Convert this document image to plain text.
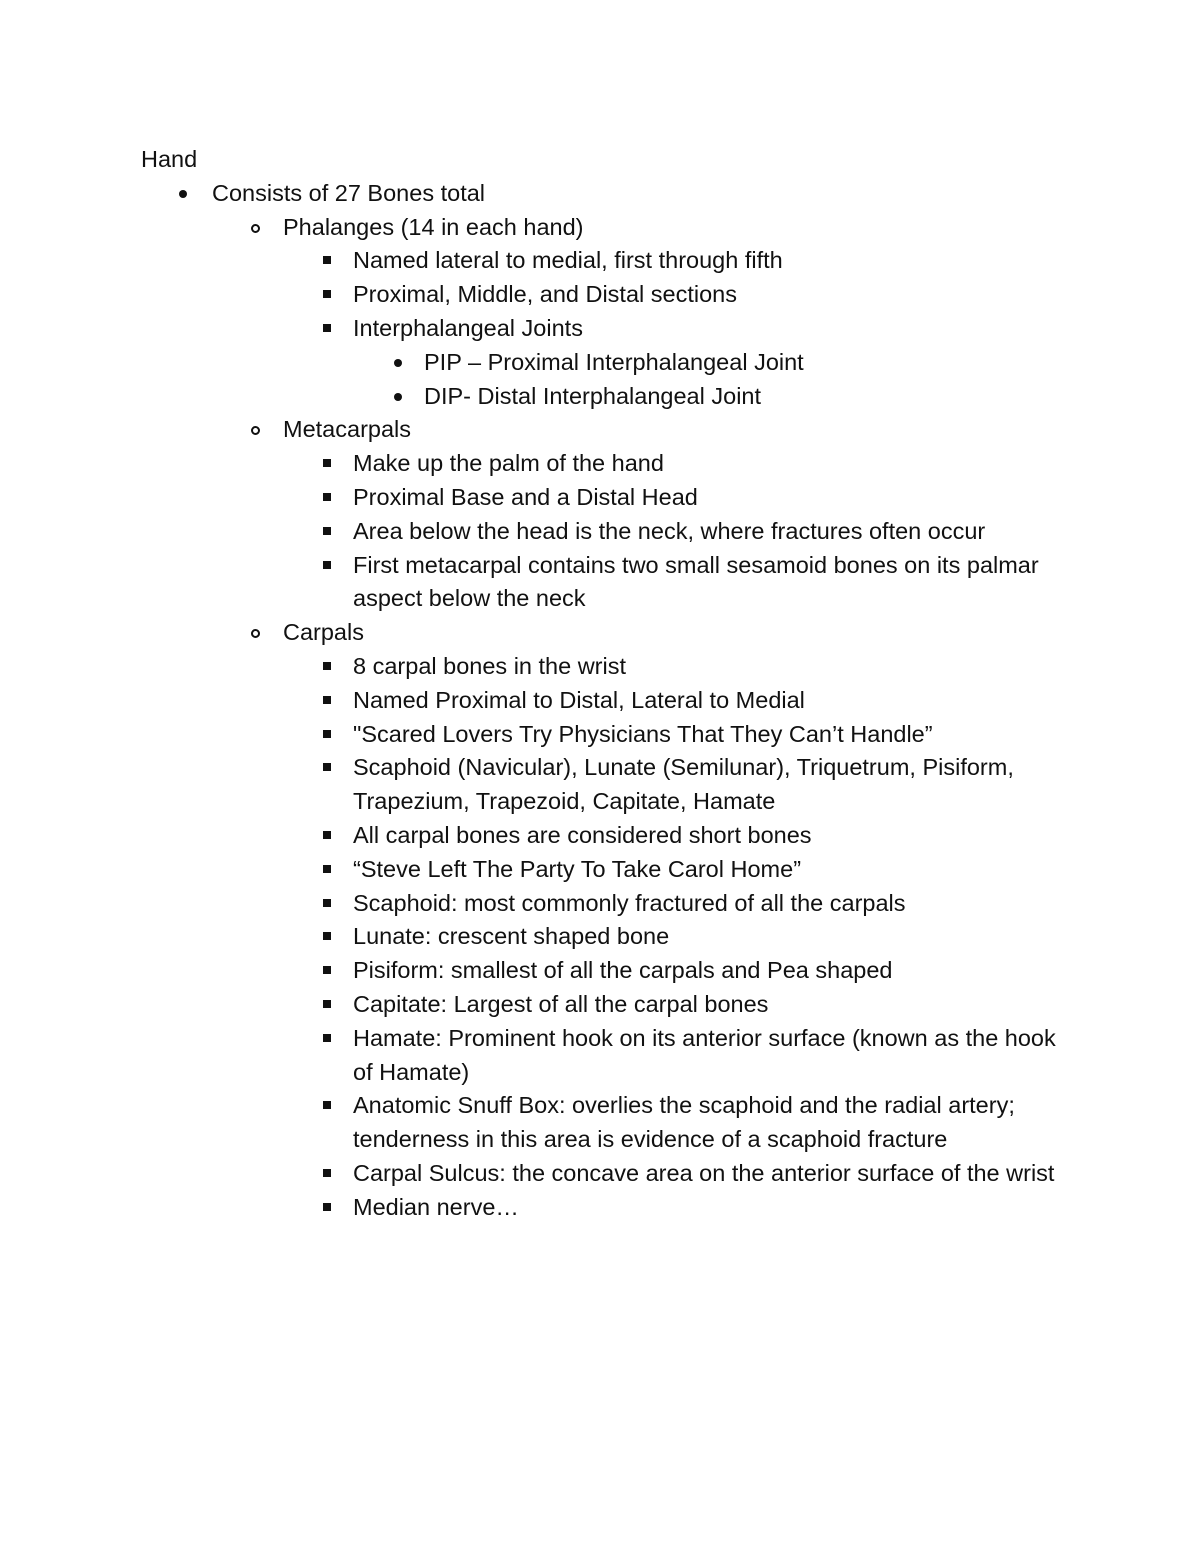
Hand
Consists of 27 Bones total
Phalanges (14 in each hand)
Named lateral to medial, first through fifth
Proximal, Middle, and Distal sections
Interphalangeal Joints
PIP – Proximal Interphalangeal Joint
DIP- Distal Interphalangeal Joint
Metacarpals
Make up the palm of the hand
Proximal Base and a Distal Head
Area below the head is the neck, where fractures often occur
First metacarpal contains two small sesamoid bones on its palmar aspect below the neck
Carpals
8 carpal bones in the wrist
Named Proximal to Distal, Lateral to Medial
"Scared Lovers Try Physicians That They Can’t Handle”
Scaphoid (Navicular), Lunate (Semilunar), Triquetrum, Pisiform, Trapezium, Trapezoid, Capitate, Hamate
All carpal bones are considered short bones
“Steve Left The Party To Take Carol Home”
Scaphoid: most commonly fractured of all the carpals
Lunate: crescent shaped bone
Pisiform: smallest of all the carpals and Pea shaped
Capitate: Largest of all the carpal bones
Hamate: Prominent hook on its anterior surface (known as the hook of Hamate)
Anatomic Snuff Box: overlies the scaphoid and the radial artery; tenderness in this area is evidence of a scaphoid fracture
Carpal Sulcus: the concave area on the anterior surface of the wrist
Median nerve…
